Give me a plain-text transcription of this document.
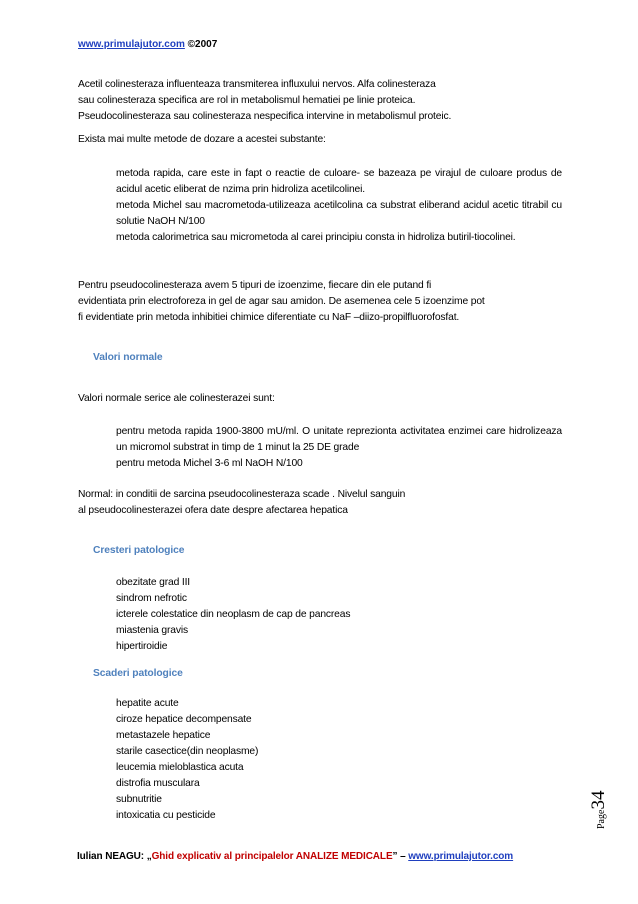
www.primulajutor.com ©2007

Acetil colinesteraza influenteaza transmiterea influxului nervos. Alfa colinesteraza

sau colinesteraza specifica are rol in metabolismul hematiei pe linie proteica.

Pseudocolinesteraza sau colinesteraza nespecifica intervine in metabolismul proteic.

Exista mai multe metode de dozare a acestei substante:

metoda rapida, care este in fapt o reactie de culoare- se bazeaza pe virajul de culoare produs de acidul acetic eliberat de nzima prin hidroliza acetilcolinei.
metoda Michel sau macrometoda-utilizeaza acetilcolina ca substrat eliberand acidul acetic titrabil cu solutie NaOH N/100
metoda calorimetrica sau micrometoda al carei principiu consta in hidroliza butiril-tiocolinei.

Pentru pseudocolinesteraza avem 5 tipuri de izoenzime, fiecare din ele putand fi

evidentiata prin electroforeza in gel de agar sau amidon. De asemenea cele 5 izoenzime pot

fi evidentiate prin metoda inhibitiei chimice diferentiate cu NaF –diizo-propilfluorofosfat.

Valori normale

Valori normale serice ale colinesterazei sunt:

pentru metoda rapida 1900-3800 mU/ml. O unitate reprezionta activitatea enzimei care hidrolizeaza un micromol substrat in timp de 1 minut la 25 DE grade
pentru metoda Michel 3-6 ml NaOH N/100

Normal: in conditii de sarcina pseudocolinesteraza scade . Nivelul sanguin

al pseudocolinesterazei ofera date despre afectarea hepatica

Cresteri patologice
obezitate grad III
sindrom nefrotic
icterele colestatice din neoplasm de cap de pancreas
miastenia gravis
hipertiroidie
Scaderi patologice
hepatite acute
ciroze hepatice decompensate
metastazele hepatice
starile casectice(din neoplasme)
leucemia mieloblastica acuta
distrofia musculara
subnutritie
intoxicatia cu pesticide	Page34
Iulian NEAGU: „Ghid explicativ al principalelor ANALIZE MEDICALE” – www.primulajutor.com
